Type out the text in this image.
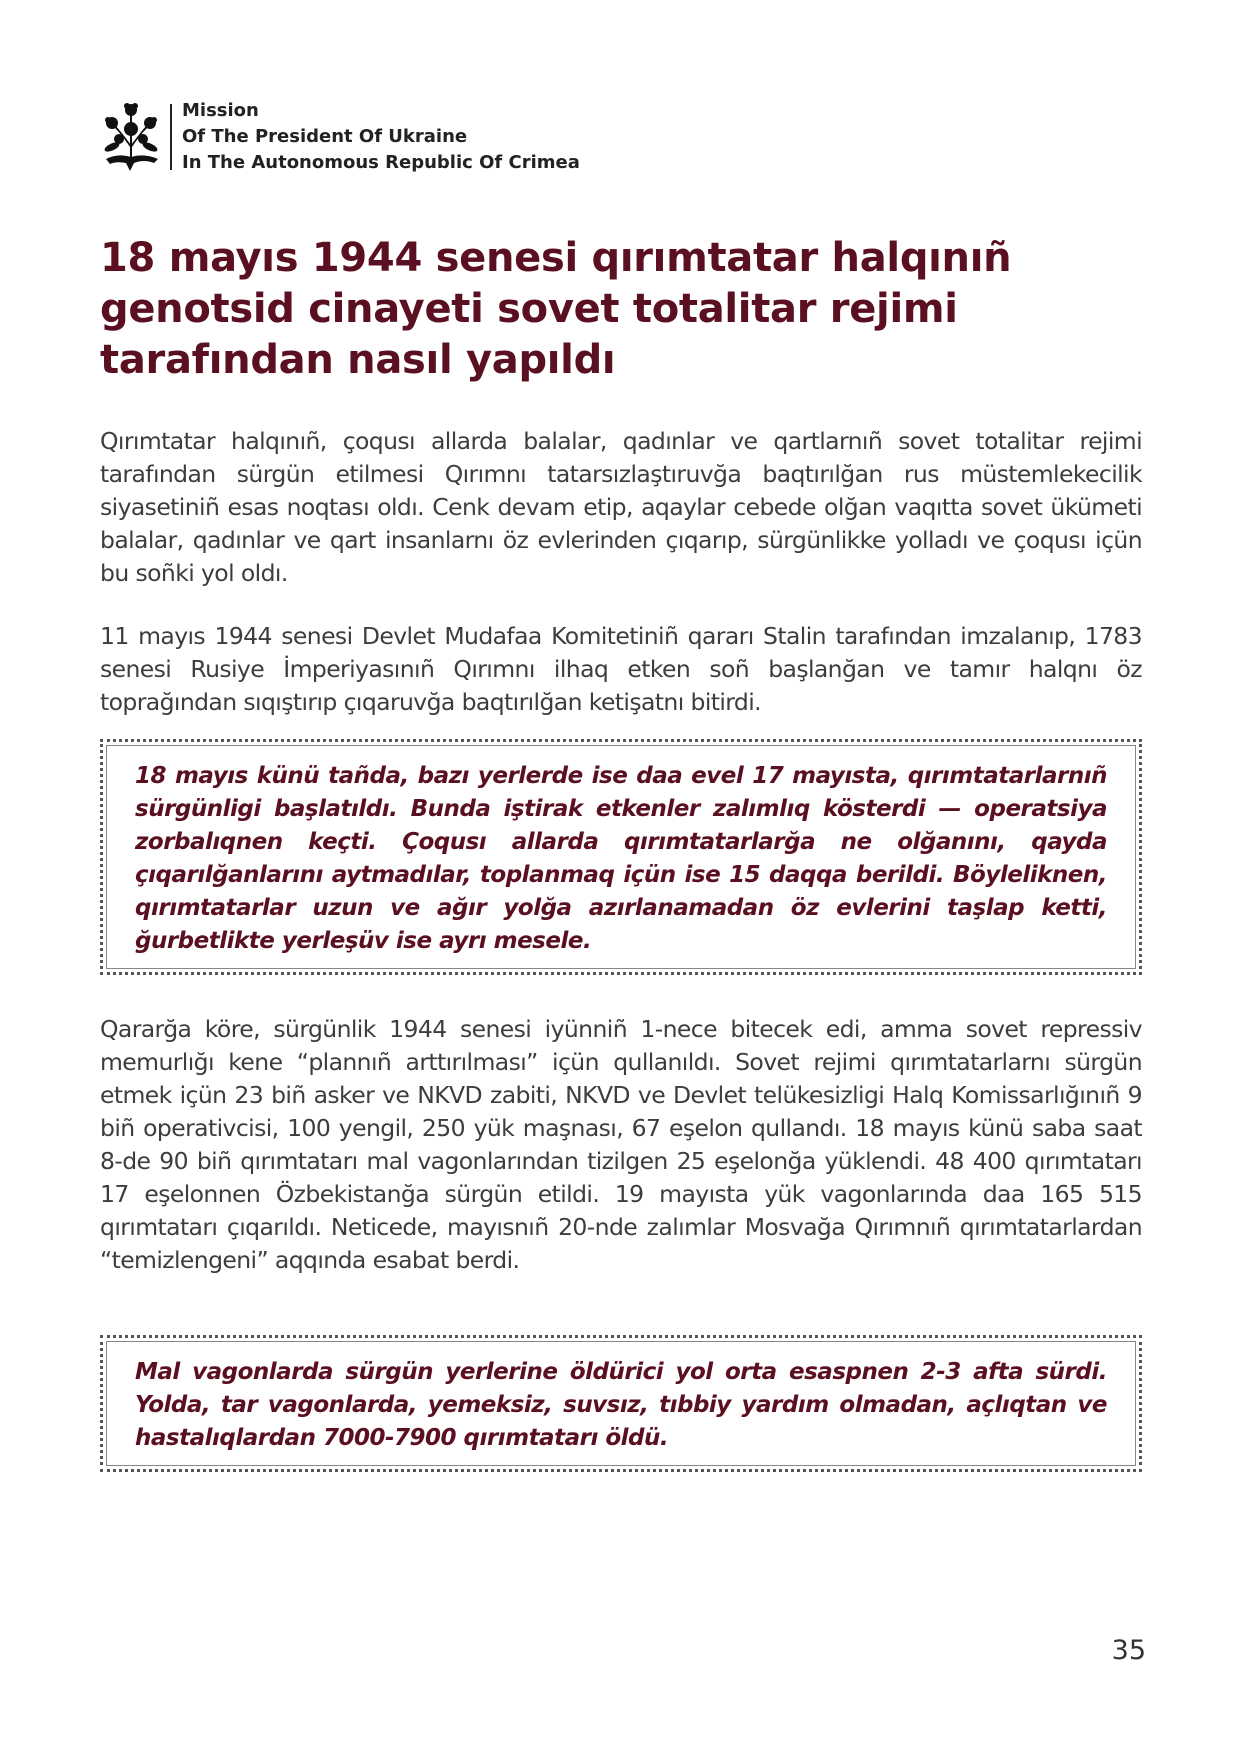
Mission
Of The President Of Ukraine
In The Autonomous Republic Of Crimea
18 mayıs 1944 senesi qırımtatar halqınıñ genotsid cinayeti sovet totalitar rejimi tarafından nasıl yapıldı

Qırımtatar halqınıñ, çoqusı allarda balalar, qadınlar ve qartlarnıñ sovet totalitar rejimi tarafından sürgün etilmesi Qırımnı tatarsızlaştıruvğa baqtırılğan rus müstemlekecilik siyasetiniñ esas noqtası oldı. Cenk devam etip, aqaylar cebede olğan vaqıtta sovet ükümeti balalar, qadınlar ve qart insanlarnı öz evlerinden çıqarıp, sürgünlikke yolladı ve çoqusı içün bu soñki yol oldı.

11 mayıs 1944 senesi Devlet Mudafaa Komitetiniñ qararı Stalin tarafından imzalanıp, 1783 senesi Rusiye İmperiyasınıñ Qırımnı ilhaq etken soñ başlanğan ve tamır halqnı öz toprağından sıqıştırıp çıqaruvğa baqtırılğan ketişatnı bitirdi.

18 mayıs künü tañda, bazı yerlerde ise daa evel 17 mayısta, qırımtatarlarnıñ sürgünligi başlatıldı. Bunda iştirak etkenler zalımlıq kösterdi — operatsiya zorbalıqnen keçti. Çoqusı allarda qırımtatarlarğa ne olğanını, qayda çıqarılğanlarını aytmadılar, toplanmaq içün ise 15 daqqa berildi. Böyleliknen, qırımtatarlar uzun ve ağır yolğa azırlanamadan öz evlerini taşlap ketti, ğurbetlikte yerleşüv ise ayrı mesele.

Qararğa köre, sürgünlik 1944 senesi iyünniñ 1-nece bitecek edi, amma sovet repressiv memurlığı kene “plannıñ arttırılması” içün qullanıldı. Sovet rejimi qırımtatarlarnı sürgün etmek içün 23 biñ asker ve NKVD zabiti, NKVD ve Devlet telükesizligi Halq Komissarlığınıñ 9 biñ operativcisi, 100 yengil, 250 yük maşnası, 67 eşelon qullandı. 18 mayıs künü saba saat 8-de 90 biñ qırımtatarı mal vagonlarından tizilgen 25 eşelonğa yüklendi. 48 400 qırımtatarı 17 eşelonnen Özbekistanğa sürgün etildi. 19 mayısta yük vagonlarında daa 165 515 qırımtatarı çıqarıldı. Neticede, mayısnıñ 20-nde zalımlar Mosvağa Qırımnıñ qırımtatarlardan “temizlengeni” aqqında esabat berdi.

Mal vagonlarda sürgün yerlerine öldürici yol orta esaspnen 2-3 afta sürdi. Yolda, tar vagonlarda, yemeksiz, suvsız, tıbbiy yardım olmadan, açlıqtan ve hastalıqlardan 7000-7900 qırımtatarı öldü.

35
